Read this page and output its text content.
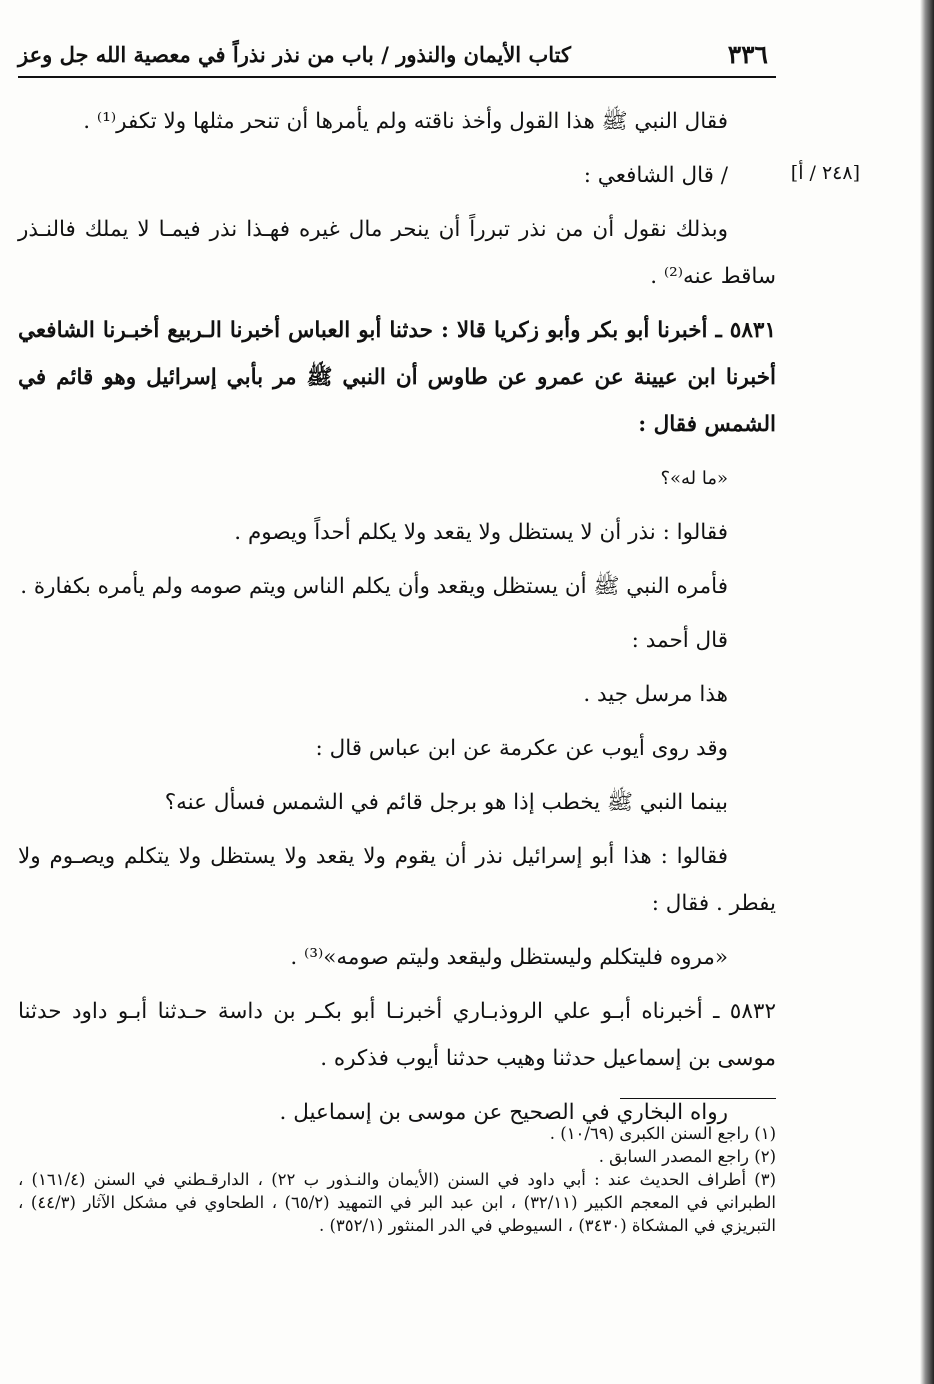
٣٣٦
كتاب الأيمان والنذور / باب من نذر نذراً في معصية الله جل وعز
[٢٤٨ / أ]

فقال النبي ﷺ هذا القول وأخذ ناقته ولم يأمرها أن تنحر مثلها ولا تكفر⁽¹⁾ .

/ قال الشافعي :

وبذلك نقول أن من نذر تبرراً أن ينحر مال غيره فهـذا نذر فيمـا لا يملك فالنـذر ساقط عنه⁽²⁾ .

٥٨٣١ ـ أخبرنا أبو بكر وأبو زكريا قالا : حدثنا أبو العباس أخبرنا الـربيع أخبـرنا الشافعي أخبرنا ابن عيينة عن عمرو عن طاوس أن النبي ﷺ مر بأبي إسرائيل وهو قائم في الشمس فقال :

«ما له»؟

فقالوا : نذر أن لا يستظل ولا يقعد ولا يكلم أحداً ويصوم .

فأمره النبي ﷺ أن يستظل ويقعد وأن يكلم الناس ويتم صومه ولم يأمره بكفارة .

قال أحمد :

هذا مرسل جيد .

وقد روى أيوب عن عكرمة عن ابن عباس قال :

بينما النبي ﷺ يخطب إذا هو برجل قائم في الشمس فسأل عنه؟

فقالوا : هذا أبو إسرائيل نذر أن يقوم ولا يقعد ولا يستظل ولا يتكلم ويصـوم ولا يفطر . فقال :

«مروه فليتكلم وليستظل وليقعد وليتم صومه»⁽³⁾ .

٥٨٣٢ ـ أخبرناه أبـو علي الروذبـاري أخبرنـا أبو بكـر بن داسة حـدثنا أبـو داود حدثنا موسى بن إسماعيل حدثنا وهيب حدثنا أيوب فذكره .

رواه البخاري في الصحيح عن موسى بن إسماعيل .

(١) راجع السنن الكبرى (١٠/٦٩) .

(٢) راجع المصدر السابق .

(٣) أطراف الحديث عند : أبي داود في السنن (الأيمان والنـذور ب ٢٢) ، الدارقـطني في السنن (١٦١/٤) ، الطبراني في المعجم الكبير (٣٢/١١) ، ابن عبد البر في التمهيد (٦٥/٢) ، الطحاوي في مشكل الآثار (٤٤/٣) ، التبريزي في المشكاة (٣٤٣٠) ، السيوطي في الدر المنثور (٣٥٢/١) .
